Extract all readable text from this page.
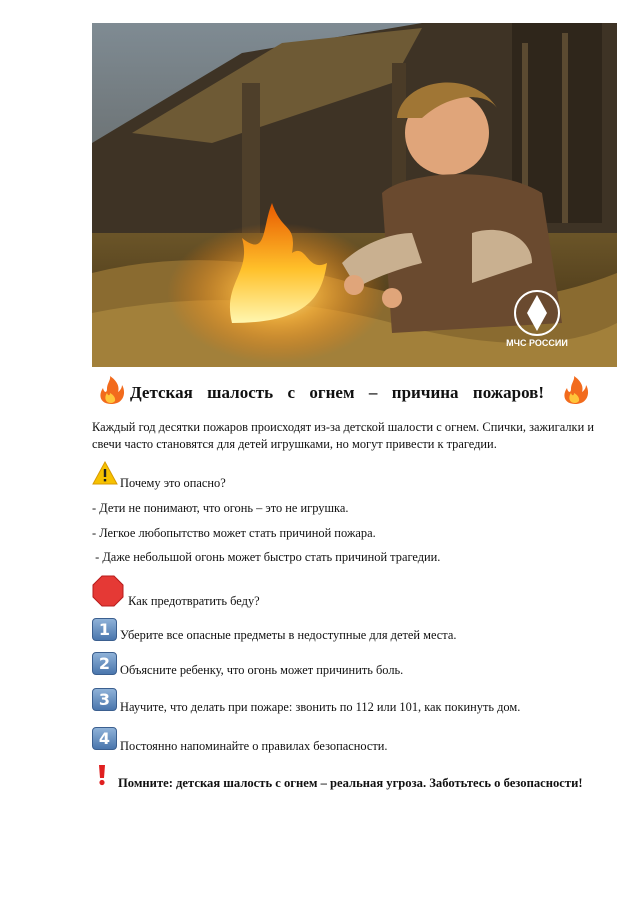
МЧС РОССИИ
Детская шалость с огнем – причина пожаров!
Каждый год десятки пожаров происходят из-за детской шалости с огнем. Спички, зажигалки и свечи часто становятся для детей игрушками, но могут привести к трагедии.
Почему это опасно?
- Дети не понимают, что огонь – это не игрушка.
- Легкое любопытство может стать причиной пожара.
- Даже небольшой огонь может быстро стать причиной трагедии.
Как предотвратить беду?
1 Уберите все опасные предметы в недоступные для детей места.
2 Объясните ребенку, что огонь может причинить боль.
3 Научите, что делать при пожаре: звонить по 112 или 101, как покинуть дом.
4 Постоянно напоминайте о правилах безопасности.
Помните: детская шалость с огнем – реальная угроза. Заботьтесь о безопасности!
